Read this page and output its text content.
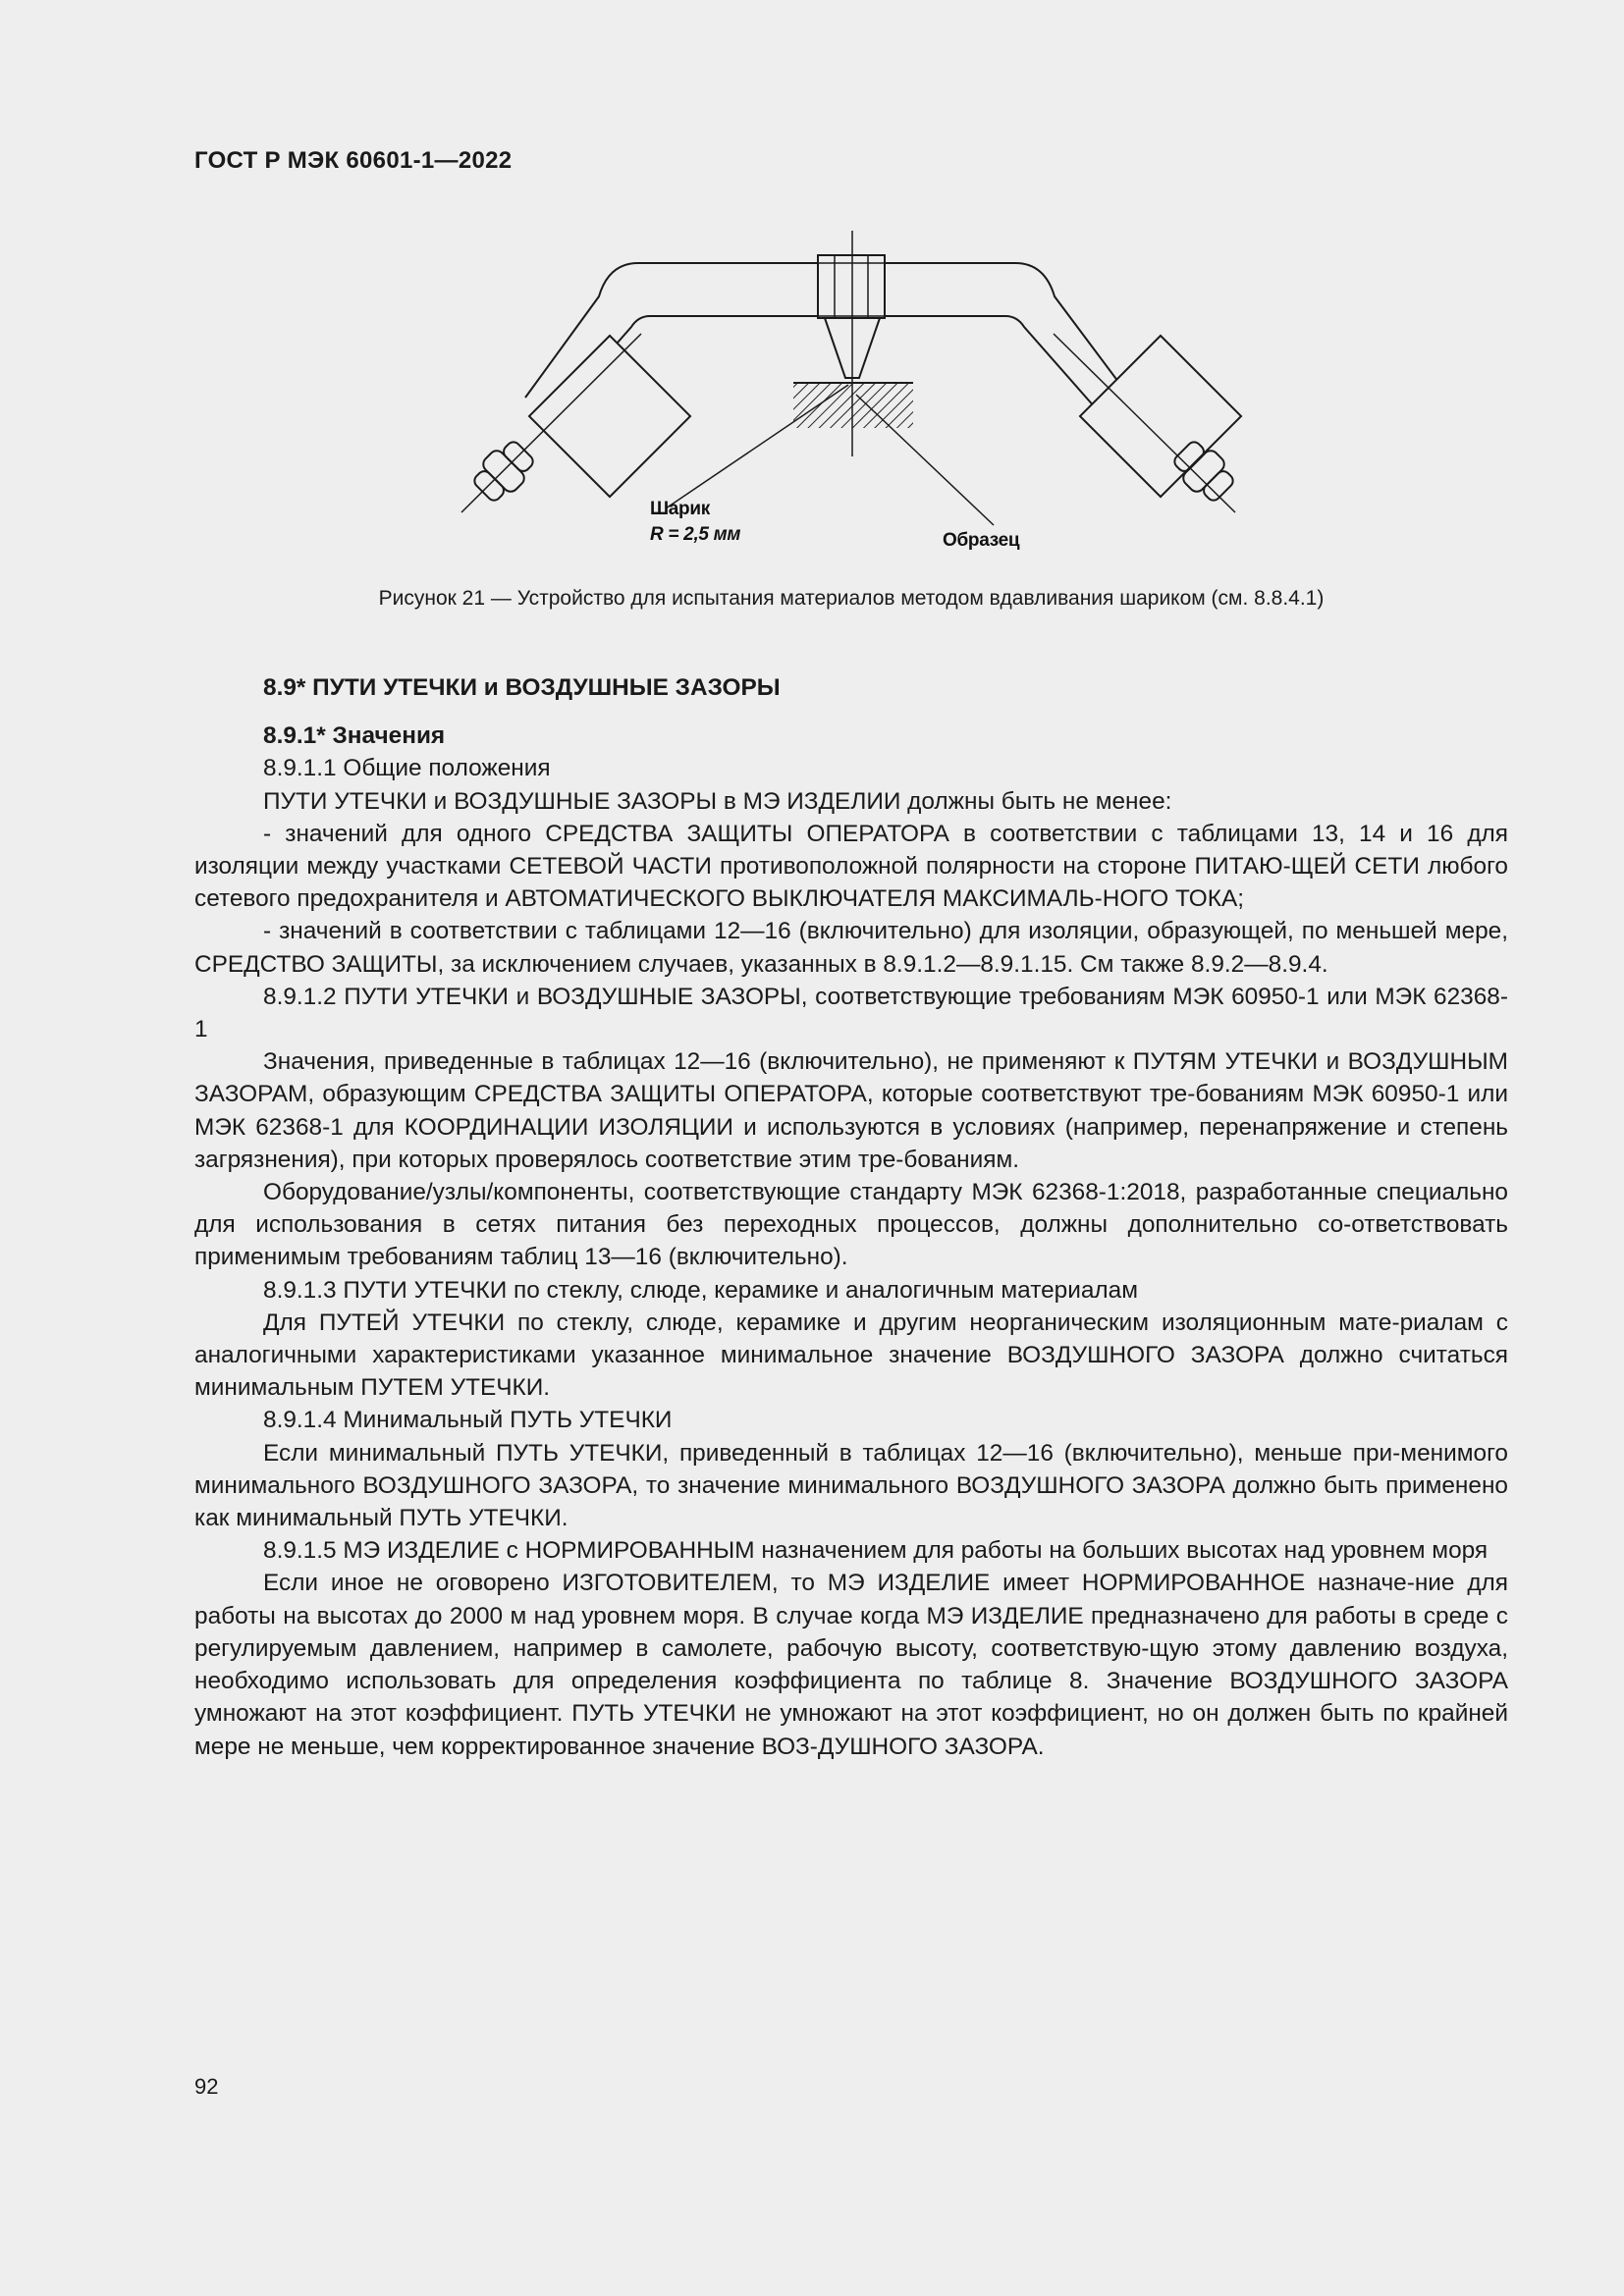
ГОСТ Р МЭК 60601-1—2022
Шарик
R = 2,5 мм	Образец
Рисунок 21 — Устройство для испытания материалов методом вдавливания шариком (см. 8.8.4.1)

8.9* ПУТИ УТЕЧКИ и ВОЗДУШНЫЕ ЗАЗОРЫ

8.9.1* Значения

8.9.1.1 Общие положения

ПУТИ УТЕЧКИ и ВОЗДУШНЫЕ ЗАЗОРЫ в МЭ ИЗДЕЛИИ должны быть не менее:

- значений для одного СРЕДСТВА ЗАЩИТЫ ОПЕРАТОРА в соответствии с таблицами 13, 14 и 16 для изоляции между участками СЕТЕВОЙ ЧАСТИ противоположной полярности на стороне ПИТАЮ-ЩЕЙ СЕТИ любого сетевого предохранителя и АВТОМАТИЧЕСКОГО ВЫКЛЮЧАТЕЛЯ МАКСИМАЛЬ-НОГО ТОКА;

- значений в соответствии с таблицами 12—16 (включительно) для изоляции, образующей, по меньшей мере, СРЕДСТВО ЗАЩИТЫ, за исключением случаев, указанных в 8.9.1.2—8.9.1.15. См также 8.9.2—8.9.4.

8.9.1.2 ПУТИ УТЕЧКИ и ВОЗДУШНЫЕ ЗАЗОРЫ, соответствующие требованиям МЭК 60950-1 или МЭК 62368-1

Значения, приведенные в таблицах 12—16 (включительно), не применяют к ПУТЯМ УТЕЧКИ и ВОЗДУШНЫМ ЗАЗОРАМ, образующим СРЕДСТВА ЗАЩИТЫ ОПЕРАТОРА, которые соответствуют тре-бованиям МЭК 60950-1 или МЭК 62368-1 для КООРДИНАЦИИ ИЗОЛЯЦИИ и используются в условиях (например, перенапряжение и степень загрязнения), при которых проверялось соответствие этим тре-бованиям.

Оборудование/узлы/компоненты, соответствующие стандарту МЭК 62368-1:2018, разработанные специально для использования в сетях питания без переходных процессов, должны дополнительно со-ответствовать применимым требованиям таблиц 13—16 (включительно).

8.9.1.3 ПУТИ УТЕЧКИ по стеклу, слюде, керамике и аналогичным материалам

Для ПУТЕЙ УТЕЧКИ по стеклу, слюде, керамике и другим неорганическим изоляционным мате-риалам с аналогичными характеристиками указанное минимальное значение ВОЗДУШНОГО ЗАЗОРА должно считаться минимальным ПУТЕМ УТЕЧКИ.

8.9.1.4 Минимальный ПУТЬ УТЕЧКИ

Если минимальный ПУТЬ УТЕЧКИ, приведенный в таблицах 12—16 (включительно), меньше при-менимого минимального ВОЗДУШНОГО ЗАЗОРА, то значение минимального ВОЗДУШНОГО ЗАЗОРА должно быть применено как минимальный ПУТЬ УТЕЧКИ.

8.9.1.5 МЭ ИЗДЕЛИЕ с НОРМИРОВАННЫМ назначением для работы на больших высотах над уровнем моря

Если иное не оговорено ИЗГОТОВИТЕЛЕМ, то МЭ ИЗДЕЛИЕ имеет НОРМИРОВАННОЕ назначе-ние для работы на высотах до 2000 м над уровнем моря. В случае когда МЭ ИЗДЕЛИЕ предназначено для работы в среде с регулируемым давлением, например в самолете, рабочую высоту, соответствую-щую этому давлению воздуха, необходимо использовать для определения коэффициента по таблице 8. Значение ВОЗДУШНОГО ЗАЗОРА умножают на этот коэффициент. ПУТЬ УТЕЧКИ не умножают на этот коэффициент, но он должен быть по крайней мере не меньше, чем корректированное значение ВОЗ-ДУШНОГО ЗАЗОРА.

92
